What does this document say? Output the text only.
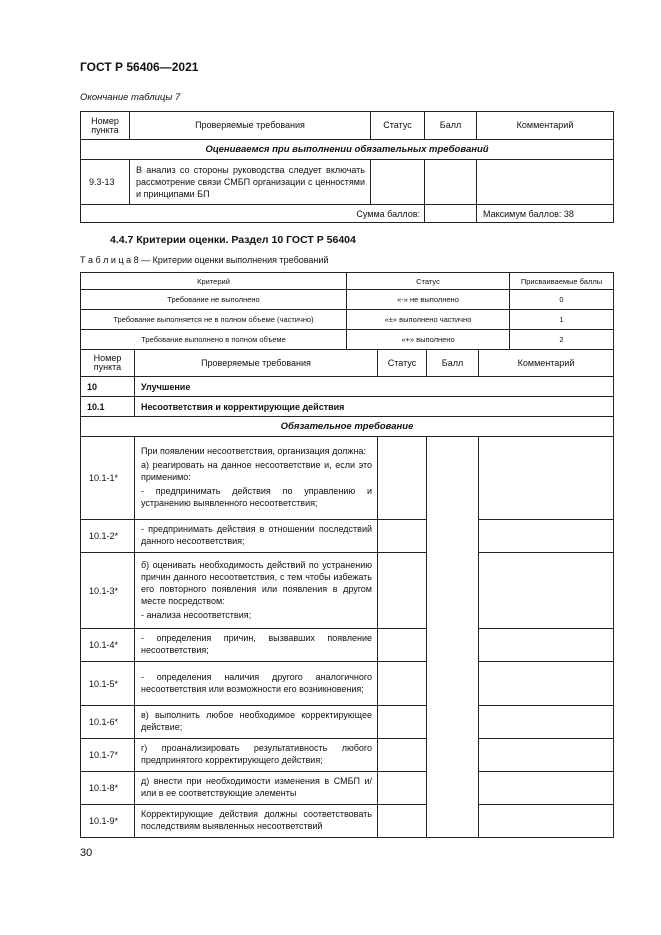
ГОСТ Р 56406—2021
Окончание таблицы 7
Номер пункта	Проверяемые требования	Статус	Балл	Комментарий
Оцениваемся при выполнении обязательных требований				
9.3-13	В анализ со стороны руководства следует включать рассмотрение связи СМБП организации с ценностями и принципами БП			
Сумма баллов:				Максимум баллов: 38
4.4.7 Критерии оценки. Раздел 10 ГОСТ Р 56404
Т а б л и ц а 8 — Критерии оценки выполнения требований
Критерий	Статус	Присваиваемые баллы
Требование не выполнено	«-» не выполнено	0
Требование выполняется не в полном объеме (частично)	«±» выполнено частично	1
Требование выполнено в полном объеме	«+» выполнено	2
Номер пункта	Проверяемые требования	Статус	Балл	Комментарий
10	Улучшение			
10.1	Несоответствия и корректирующие действия			
Обязательное требование				
10.1-1*	При появлении несоответствия, организация должна:

а) реагировать на данное несоответствие и, если это применимо:

- предпринимать действия по управлению и устранению выявленного несоответствия;			

10.1-2*	- предпринимать действия в отношении последствий данного несоответствия;			

10.1-3*	б) оценивать необходимость действий по устранению причин данного несоответствия, с тем чтобы избежать его повторного появления или появления в другом месте посредством:

- анализа несоответствия;			

10.1-4*	- определения причин, вызвавших появление несоответствия;			

10.1-5*	- определения наличия другого аналогичного несоответствия или возможности его возникновения;			

10.1-6*	в) выполнить любое необходимое корректирующее действие;			

10.1-7*	г) проанализировать результативность любого предпринятого корректирующего действия;			

10.1-8*	д) внести при необходимости изменения в СМБП и/или в ее соответствующие элементы			

10.1-9*	Корректирующие действия должны соответствовать последствиям выявленных несоответствий			

30
